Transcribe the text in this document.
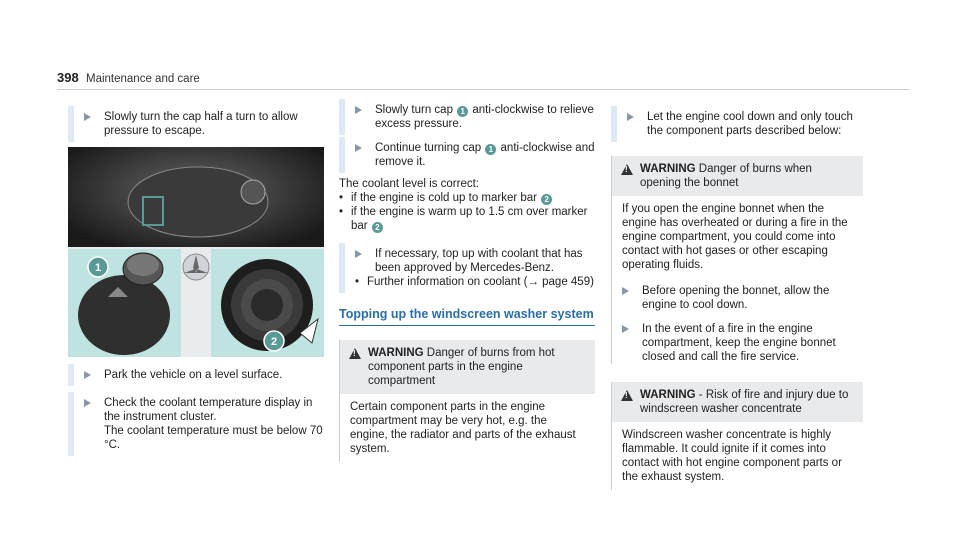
398 Maintenance and care

Slowly turn the cap half a turn to allow pressure to escape.

1
2

Park the vehicle on a level surface.

Check the coolant temperature display in the instrument cluster.

The coolant temperature must be below 70 °C.

Slowly turn cap 1 anti-clockwise to relieve excess pressure.

Continue turning cap 1 anti-clockwise and remove it.

The coolant level is correct:

• if the engine is cold up to marker bar 2
• if the engine is warm up to 1.5 cm over marker bar 2

If necessary, top up with coolant that has been approved by Mercedes-Benz.

• Further information on coolant (→ page 459)
Topping up the windscreen washer system
!
WARNING Danger of burns from hot component parts in the engine compartment
Certain component parts in the engine compartment may be very hot, e.g. the engine, the radiator and parts of the exhaust system.

Let the engine cool down and only touch the component parts described below:

!
WARNING Danger of burns when opening the bonnet
If you open the engine bonnet when the engine has overheated or during a fire in the engine compartment, you could come into contact with hot gases or other escaping operating fluids.

Before opening the bonnet, allow the engine to cool down.

In the event of a fire in the engine compartment, keep the engine bonnet closed and call the fire service.

!
WARNING - Risk of fire and injury due to windscreen washer concentrate
Windscreen washer concentrate is highly flammable. It could ignite if it comes into contact with hot engine component parts or the exhaust system.
